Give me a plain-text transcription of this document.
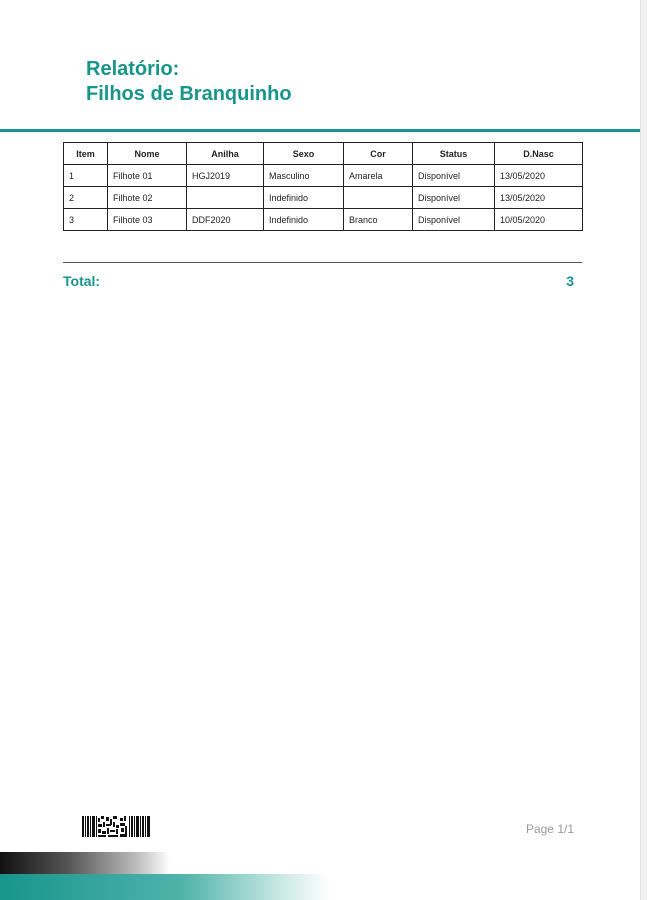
Relatório:
Filhos de Branquinho
Item	Nome	Anilha	Sexo	Cor	Status	D.Nasc
1	Filhote 01	HGJ2019	Masculino	Amarela	Disponível	13/05/2020
2	Filhote 02		Indefinido		Disponível	13/05/2020
3	Filhote 03	DDF2020	Indefinido	Branco	Disponível	10/05/2020
Total:	3
Page 1/1
